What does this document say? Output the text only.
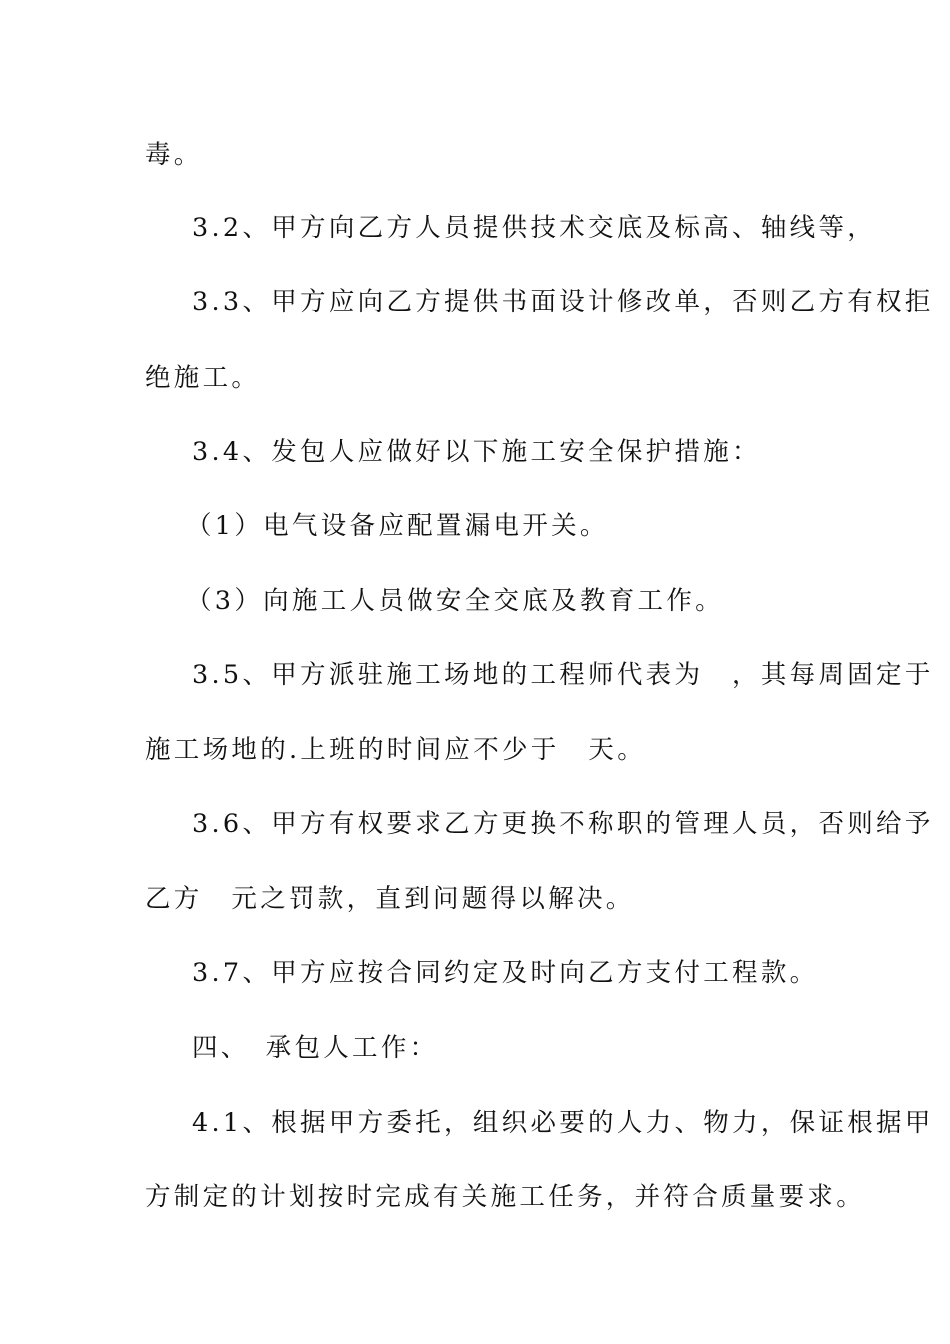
毒。
3.2、甲方向乙方人员提供技术交底及标高、轴线等，
3.3、甲方应向乙方提供书面设计修改单，否则乙方有权拒
绝施工。
3.4、发包人应做好以下施工安全保护措施：
（1）电气设备应配置漏电开关。
（3）向施工人员做安全交底及教育工作。
3.5、甲方派驻施工场地的工程师代表为　，其每周固定于
施工场地的.上班的时间应不少于　天。
3.6、甲方有权要求乙方更换不称职的管理人员，否则给予
乙方　元之罚款，直到问题得以解决。
3.7、甲方应按合同约定及时向乙方支付工程款。
四、　承包人工作：
4.1、根据甲方委托，组织必要的人力、物力，保证根据甲
方制定的计划按时完成有关施工任务，并符合质量要求。
